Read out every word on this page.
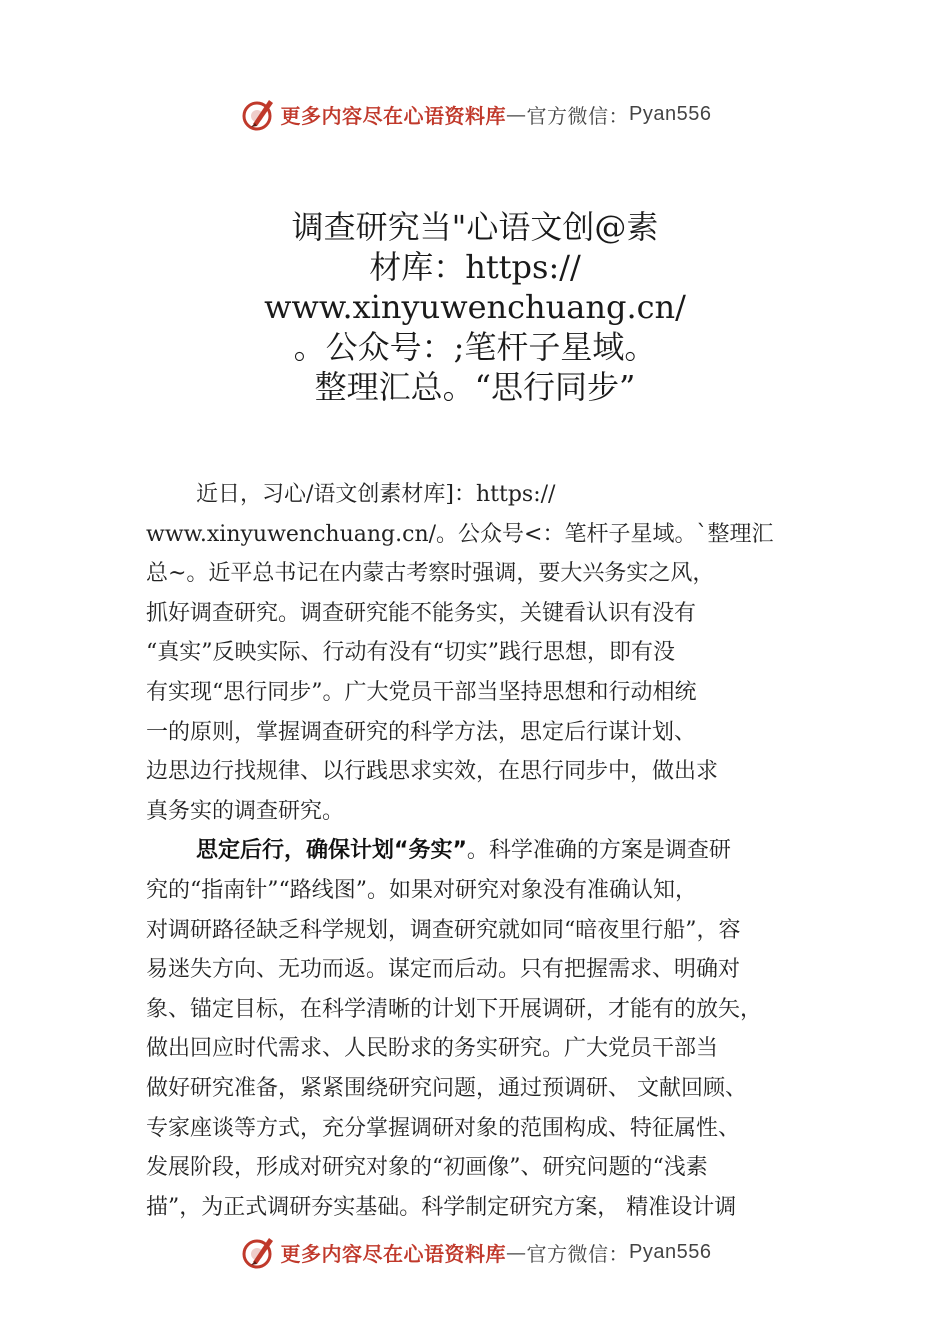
更多内容尽在心语资料库 — 官方微信： Pyan556
调查研究当"心语文创@素
材库：https://
www.xinyuwenchuang.cn/
。公众号：;笔杆子星域。
整理汇总。“思行同步”
近日，习心/语文创素材库]：https://
www.xinyuwenchuang.cn/。公众号<：笔杆子星域。`整理汇
总~。近平总书记在内蒙古考察时强调，要大兴务实之风，
抓好调查研究。调查研究能不能务实，关键看认识有没有
“真实”反映实际、行动有没有“切实”践行思想，即有没
有实现“思行同步”。广大党员干部当坚持思想和行动相统
一的原则，掌握调查研究的科学方法，思定后行谋计划、
边思边行找规律、以行践思求实效，在思行同步中，做出求
真务实的调查研究。
思定后行，确保计划“务实”。科学准确的方案是调查研
究的“指南针”“路线图”。如果对研究对象没有准确认知，
对调研路径缺乏科学规划，调查研究就如同“暗夜里行船”，容
易迷失方向、无功而返。谋定而后动。只有把握需求、明确对
象、锚定目标，在科学清晰的计划下开展调研，才能有的放矢，
做出回应时代需求、人民盼求的务实研究。广大党员干部当
做好研究准备，紧紧围绕研究问题，通过预调研、 文献回顾、
专家座谈等方式，充分掌握调研对象的范围构成、特征属性、
发展阶段，形成对研究对象的“初画像”、研究问题的“浅素
描”，为正式调研夯实基础。科学制定研究方案， 精准设计调
更多内容尽在心语资料库 — 官方微信： Pyan556
